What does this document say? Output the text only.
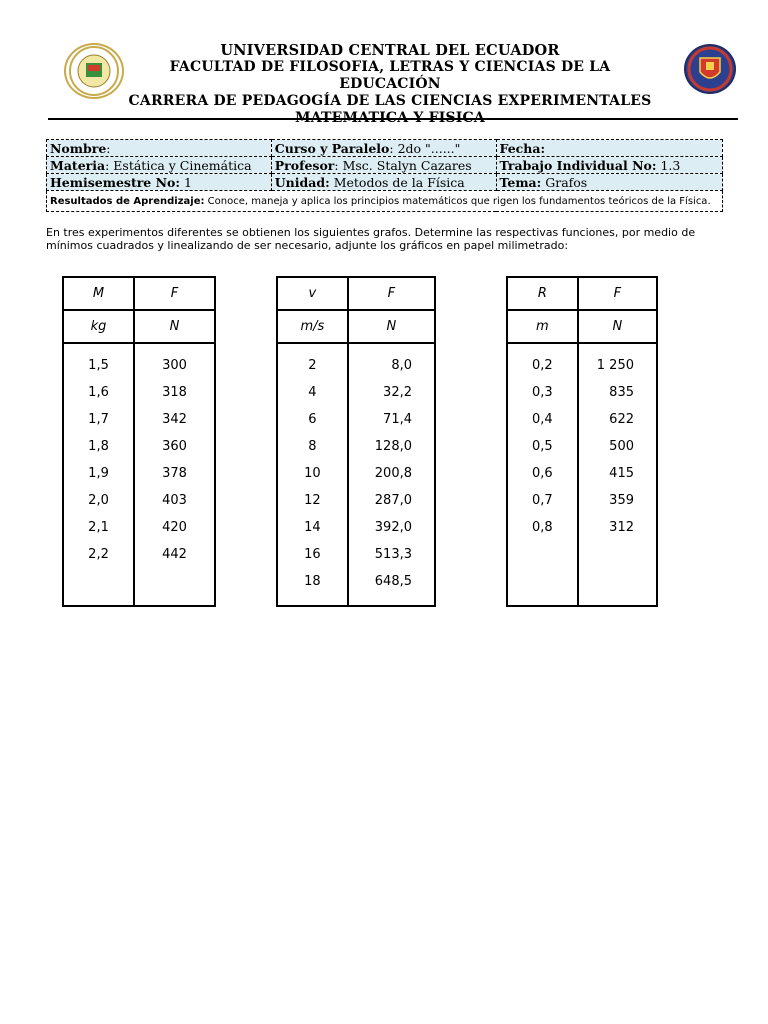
UNIVERSIDAD CENTRAL DEL ECUADOR
FACULTAD DE FILOSOFIA, LETRAS Y CIENCIAS DE LA EDUCACIÓN
CARRERA DE PEDAGOGÍA DE LAS CIENCIAS EXPERIMENTALES
MATEMATICA Y FISICA
Nombre:	Curso y Paralelo: 2do "......"	Fecha:
Materia: Estática y Cinemática	Profesor: Msc. Stalyn Cazares	Trabajo Individual No: 1.3
Hemisemestre No: 1	Unidad: Metodos de la Física	Tema: Grafos
Resultados de Aprendizaje: Conoce, maneja y aplica los principios matemáticos que rigen los fundamentos teóricos de la Física.		
En tres experimentos diferentes se obtienen los siguientes grafos. Determine las respectivas funciones, por medio de mínimos cuadrados y linealizando de ser necesario, adjunte los gráficos en papel milimetrado:
M	F
kg	N

1,5	300
1,6	318
1,7	342
1,8	360
1,9	378
2,0	403
2,1	420
2,2	442

v	F
m/s	N

2	8,0
4	32,2
6	71,4
8	128,0
10	200,8
12	287,0
14	392,0
16	513,3
18	648,5

R	F
m	N

0,2	1 250
0,3	835
0,4	622
0,5	500
0,6	415
0,7	359
0,8	312
